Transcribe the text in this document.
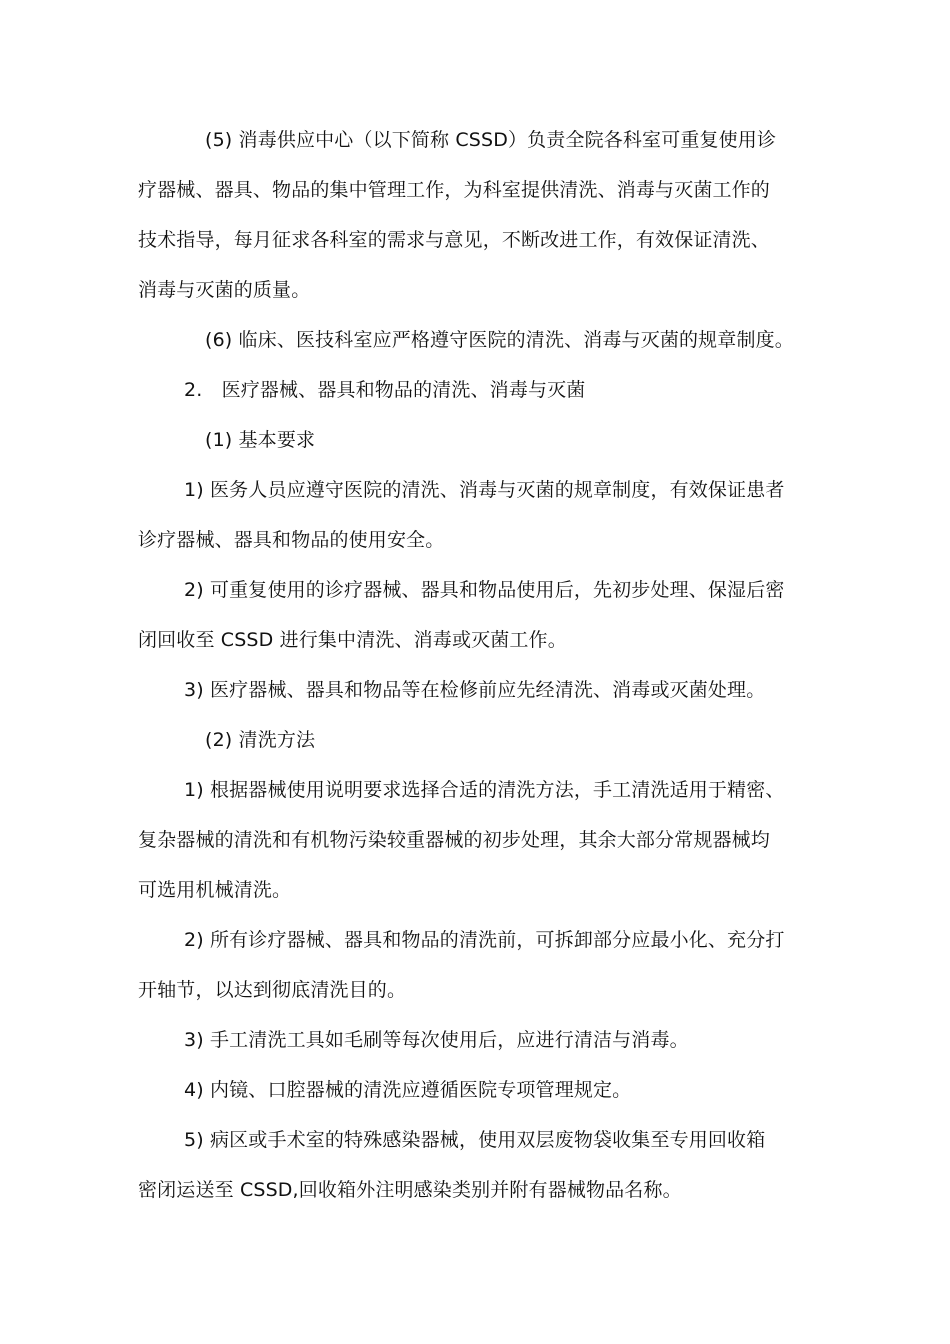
(5) 消毒供应中心（以下简称 CSSD）负责全院各科室可重复使用诊
疗器械、器具、物品的集中管理工作，为科室提供清洗、消毒与灭菌工作的
技术指导，每月征求各科室的需求与意见，不断改进工作，有效保证清洗、
消毒与灭菌的质量。
(6) 临床、医技科室应严格遵守医院的清洗、消毒与灭菌的规章制度。
2.　医疗器械、器具和物品的清洗、消毒与灭菌
(1) 基本要求
1) 医务人员应遵守医院的清洗、消毒与灭菌的规章制度，有效保证患者
诊疗器械、器具和物品的使用安全。
2) 可重复使用的诊疗器械、器具和物品使用后，先初步处理、保湿后密
闭回收至 CSSD 进行集中清洗、消毒或灭菌工作。
3) 医疗器械、器具和物品等在检修前应先经清洗、消毒或灭菌处理。
(2) 清洗方法
1) 根据器械使用说明要求选择合适的清洗方法，手工清洗适用于精密、
复杂器械的清洗和有机物污染较重器械的初步处理，其余大部分常规器械均
可选用机械清洗。
2) 所有诊疗器械、器具和物品的清洗前，可拆卸部分应最小化、充分打
开轴节，以达到彻底清洗目的。
3) 手工清洗工具如毛刷等每次使用后，应进行清洁与消毒。
4) 内镜、口腔器械的清洗应遵循医院专项管理规定。
5) 病区或手术室的特殊感染器械，使用双层废物袋收集至专用回收箱
密闭运送至 CSSD,回收箱外注明感染类别并附有器械物品名称。
